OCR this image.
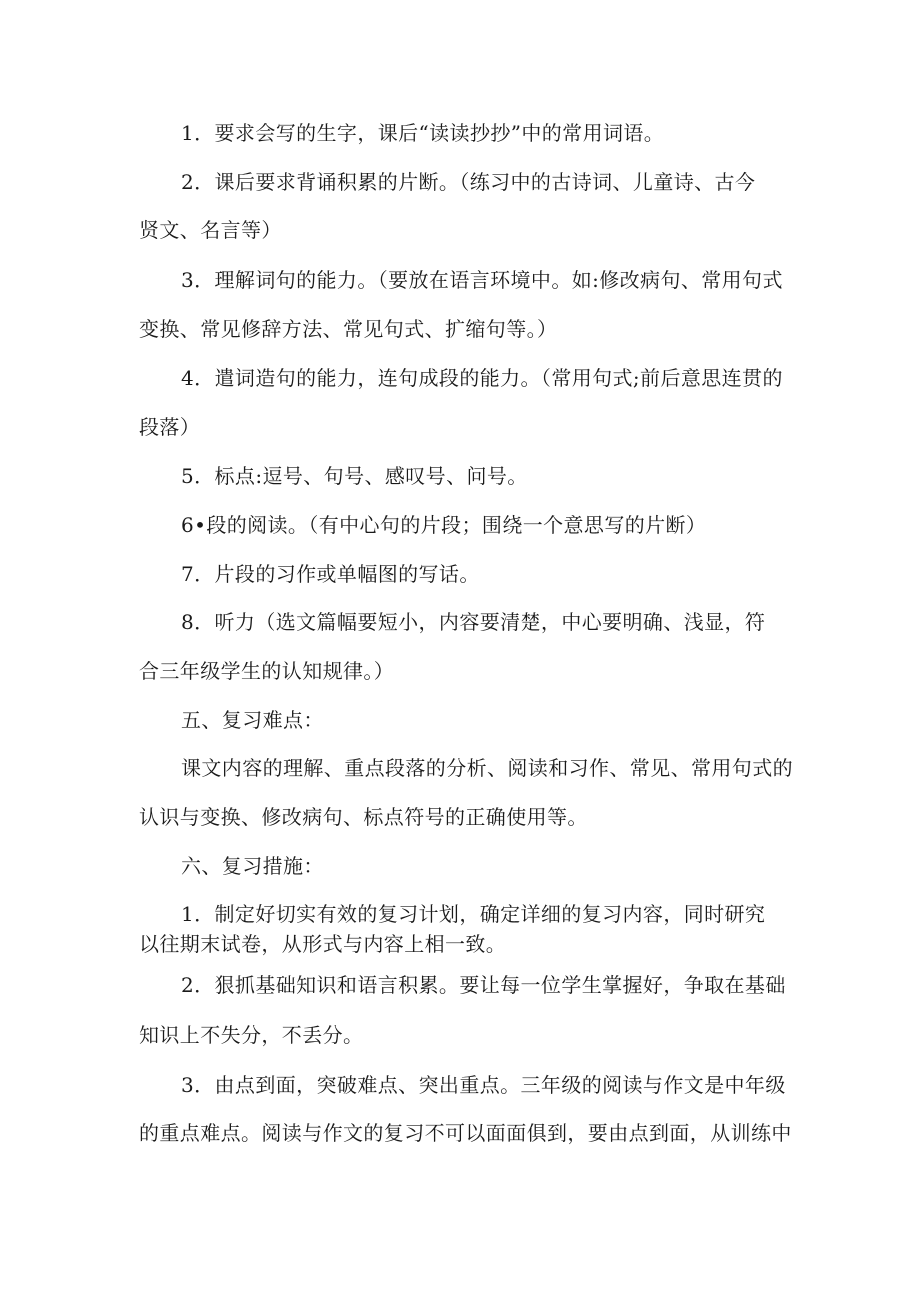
1．要求会写的生字，课后“读读抄抄”中的常用词语。
2．课后要求背诵积累的片断。（练习中的古诗词、儿童诗、古今
贤文、名言等）
3．理解词句的能力。（要放在语言环境中。如:修改病句、常用句式
变换、常见修辞方法、常见句式、扩缩句等。）
4．遣词造句的能力，连句成段的能力。（常用句式;前后意思连贯的
段落）
5．标点:逗号、句号、感叹号、问号。
6•段的阅读。（有中心句的片段；围绕一个意思写的片断）
7．片段的习作或单幅图的写话。
8．听力（选文篇幅要短小，内容要清楚，中心要明确、浅显，符
合三年级学生的认知规律。）
五、复习难点：
课文内容的理解、重点段落的分析、阅读和习作、常见、常用句式的
认识与变换、修改病句、标点符号的正确使用等。
六、复习措施：
1．制定好切实有效的复习计划，确定详细的复习内容，同时研究
以往期末试卷，从形式与内容上相一致。
2．狠抓基础知识和语言积累。要让每一位学生掌握好，争取在基础
知识上不失分，不丢分。
3．由点到面，突破难点、突出重点。三年级的阅读与作文是中年级
的重点难点。阅读与作文的复习不可以面面俱到，要由点到面，从训练中
